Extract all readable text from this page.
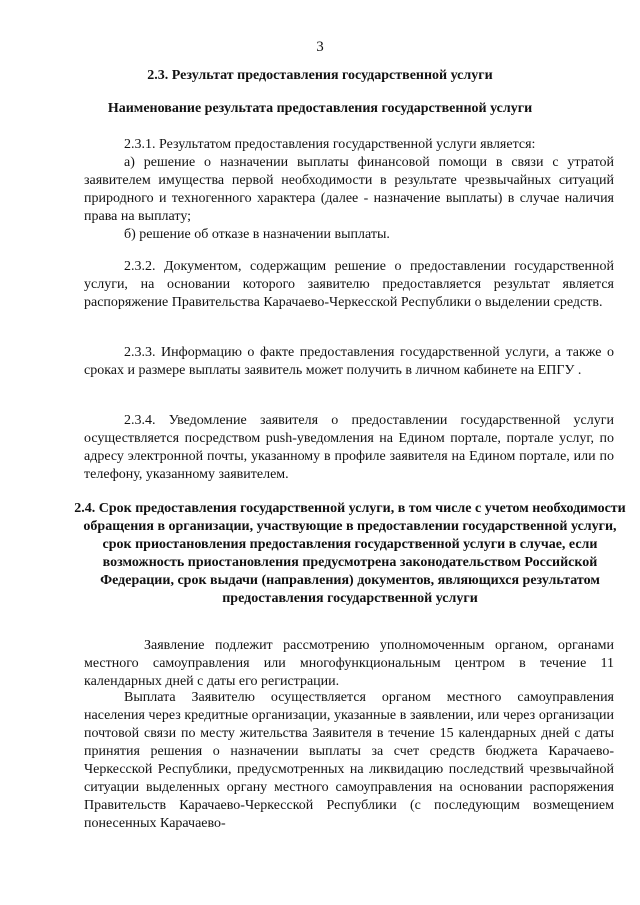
3
2.3. Результат предоставления государственной услуги
Наименование результата предоставления государственной услуги
2.3.1. Результатом предоставления государственной услуги является:
а) решение о назначении выплаты финансовой помощи в связи с утратой заявителем имущества первой необходимости в результате чрезвычайных ситуаций природного и техногенного характера (далее - назначение выплаты) в случае наличия права на выплату;
б) решение об отказе в назначении выплаты.
2.3.2. Документом, содержащим решение о предоставлении государственной услуги, на основании которого заявителю предоставляется результат является распоряжение Правительства Карачаево-Черкесской Республики о выделении средств.
2.3.3. Информацию о факте предоставления государственной услуги, а также о сроках и размере выплаты заявитель может получить в личном кабинете на ЕПГУ .
2.3.4. Уведомление заявителя о предоставлении государственной услуги осуществляется посредством push-уведомления на Едином портале, портале услуг, по адресу электронной почты, указанному в профиле заявителя на Едином портале, или по телефону, указанному заявителем.
2.4. Срок предоставления государственной услуги, в том числе с учетом необходимости обращения в организации, участвующие в предоставлении государственной услуги, срок приостановления предоставления государственной услуги в случае, если возможность приостановления предусмотрена законодательством Российской Федерации, срок выдачи (направления) документов, являющихся результатом предоставления государственной услуги
Заявление подлежит рассмотрению уполномоченным органом, органами местного самоуправления или многофункциональным центром в течение 11 календарных дней с даты его регистрации.
Выплата Заявителю осуществляется органом местного самоуправления населения через кредитные организации, указанные в заявлении, или через организации почтовой связи по месту жительства Заявителя в течение 15 календарных дней с даты принятия решения о назначении выплаты за счет средств бюджета Карачаево-Черкесской Республики, предусмотренных на ликвидацию последствий чрезвычайной ситуации выделенных органу местного самоуправления на основании распоряжения Правительств Карачаево-Черкесской Республики (с последующим возмещением понесенных Карачаево-
